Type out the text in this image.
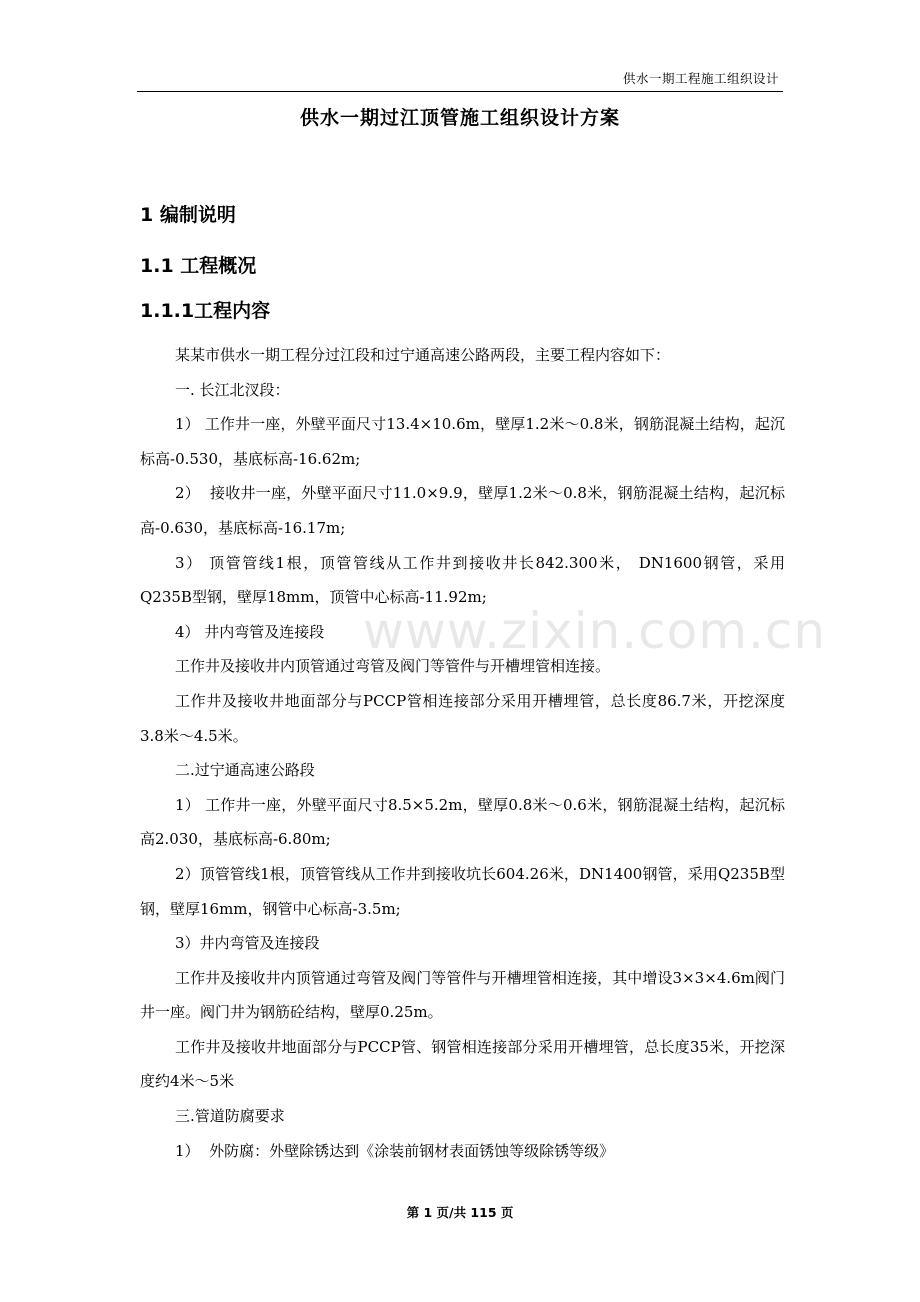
供水一期工程施工组织设计
供水一期过江顶管施工组织设计方案
1 编制说明
1.1 工程概况
1.1.1工程内容

某某市供水一期工程分过江段和过宁通高速公路两段，主要工程内容如下：

一. 长江北汊段：

1） 工作井一座，外壁平面尺寸13.4×10.6m，壁厚1.2米～0.8米，钢筋混凝土结构，起沉标高-0.530，基底标高-16.62m;

2）  接收井一座，外壁平面尺寸11.0×9.9，壁厚1.2米～0.8米，钢筋混凝土结构，起沉标高-0.630，基底标高-16.17m;

3） 顶管管线1根，顶管管线从工作井到接收井长842.300米， DN1600钢管，采用Q235B型钢，壁厚18mm，顶管中心标高-11.92m;

4） 井内弯管及连接段

工作井及接收井内顶管通过弯管及阀门等管件与开槽埋管相连接。

工作井及接收井地面部分与PCCP管相连接部分采用开槽埋管，总长度86.7米，开挖深度3.8米～4.5米。

二.过宁通高速公路段

1） 工作井一座，外壁平面尺寸8.5×5.2m，壁厚0.8米～0.6米，钢筋混凝土结构，起沉标高2.030，基底标高-6.80m;

2）顶管管线1根，顶管管线从工作井到接收坑长604.26米，DN1400钢管，采用Q235B型钢，壁厚16mm，钢管中心标高-3.5m;

3）井内弯管及连接段

工作井及接收井内顶管通过弯管及阀门等管件与开槽埋管相连接，其中增设3×3×4.6m阀门井一座。阀门井为钢筋砼结构，壁厚0.25m。

工作井及接收井地面部分与PCCP管、钢管相连接部分采用开槽埋管，总长度35米，开挖深度约4米～5米

三.管道防腐要求

1）  外防腐：外壁除锈达到《涂装前钢材表面锈蚀等级除锈等级》

www.zixin.com.cn
第 1 页/共 115 页
